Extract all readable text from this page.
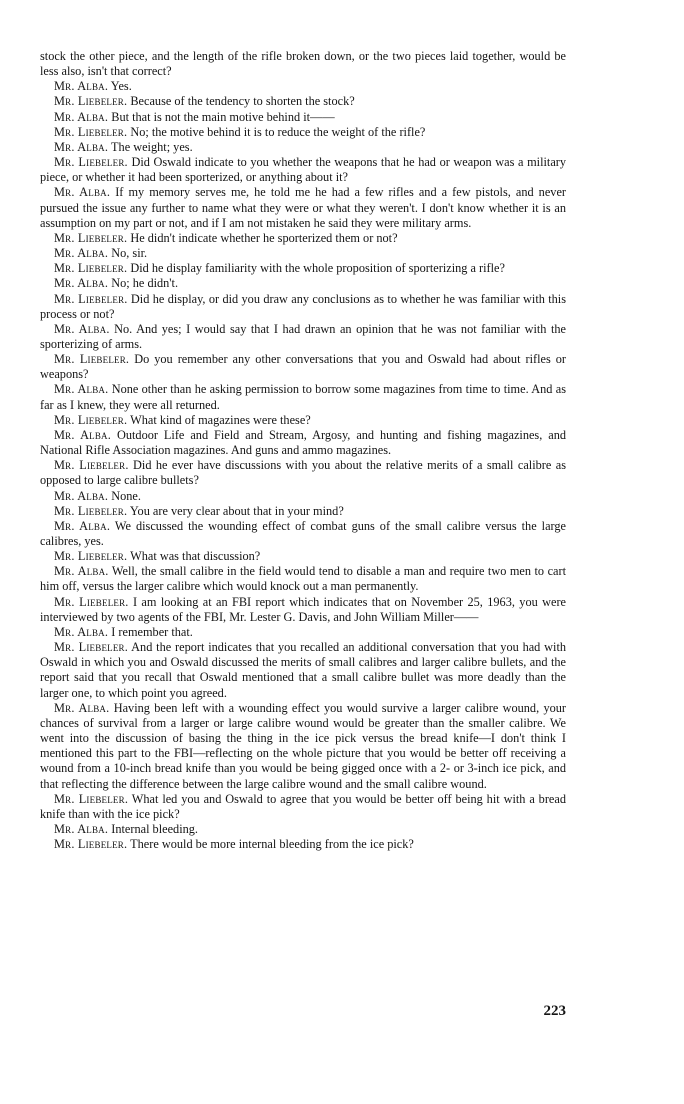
stock the other piece, and the length of the rifle broken down, or the two pieces laid together, would be less also, isn't that correct?

Mr. Alba. Yes.

Mr. Liebeler. Because of the tendency to shorten the stock?

Mr. Alba. But that is not the main motive behind it——

Mr. Liebeler. No; the motive behind it is to reduce the weight of the rifle?

Mr. Alba. The weight; yes.

Mr. Liebeler. Did Oswald indicate to you whether the weapons that he had or weapon was a military piece, or whether it had been sporterized, or anything about it?

Mr. Alba. If my memory serves me, he told me he had a few rifles and a few pistols, and never pursued the issue any further to name what they were or what they weren't. I don't know whether it is an assumption on my part or not, and if I am not mistaken he said they were military arms.

Mr. Liebeler. He didn't indicate whether he sporterized them or not?

Mr. Alba. No, sir.

Mr. Liebeler. Did he display familiarity with the whole proposition of sporterizing a rifle?

Mr. Alba. No; he didn't.

Mr. Liebeler. Did he display, or did you draw any conclusions as to whether he was familiar with this process or not?

Mr. Alba. No. And yes; I would say that I had drawn an opinion that he was not familiar with the sporterizing of arms.

Mr. Liebeler. Do you remember any other conversations that you and Oswald had about rifles or weapons?

Mr. Alba. None other than he asking permission to borrow some magazines from time to time. And as far as I knew, they were all returned.

Mr. Liebeler. What kind of magazines were these?

Mr. Alba. Outdoor Life and Field and Stream, Argosy, and hunting and fishing magazines, and National Rifle Association magazines. And guns and ammo magazines.

Mr. Liebeler. Did he ever have discussions with you about the relative merits of a small calibre as opposed to large calibre bullets?

Mr. Alba. None.

Mr. Liebeler. You are very clear about that in your mind?

Mr. Alba. We discussed the wounding effect of combat guns of the small calibre versus the large calibres, yes.

Mr. Liebeler. What was that discussion?

Mr. Alba. Well, the small calibre in the field would tend to disable a man and require two men to cart him off, versus the larger calibre which would knock out a man permanently.

Mr. Liebeler. I am looking at an FBI report which indicates that on November 25, 1963, you were interviewed by two agents of the FBI, Mr. Lester G. Davis, and John William Miller——

Mr. Alba. I remember that.

Mr. Liebeler. And the report indicates that you recalled an additional conversation that you had with Oswald in which you and Oswald discussed the merits of small calibres and larger calibre bullets, and the report said that you recall that Oswald mentioned that a small calibre bullet was more deadly than the larger one, to which point you agreed.

Mr. Alba. Having been left with a wounding effect you would survive a larger calibre wound, your chances of survival from a larger or large calibre wound would be greater than the smaller calibre. We went into the discussion of basing the thing in the ice pick versus the bread knife—I don't think I mentioned this part to the FBI—reflecting on the whole picture that you would be better off receiving a wound from a 10-inch bread knife than you would be being gigged once with a 2- or 3-inch ice pick, and that reflecting the difference between the large calibre wound and the small calibre wound.

Mr. Liebeler. What led you and Oswald to agree that you would be better off being hit with a bread knife than with the ice pick?

Mr. Alba. Internal bleeding.

Mr. Liebeler. There would be more internal bleeding from the ice pick?

223
